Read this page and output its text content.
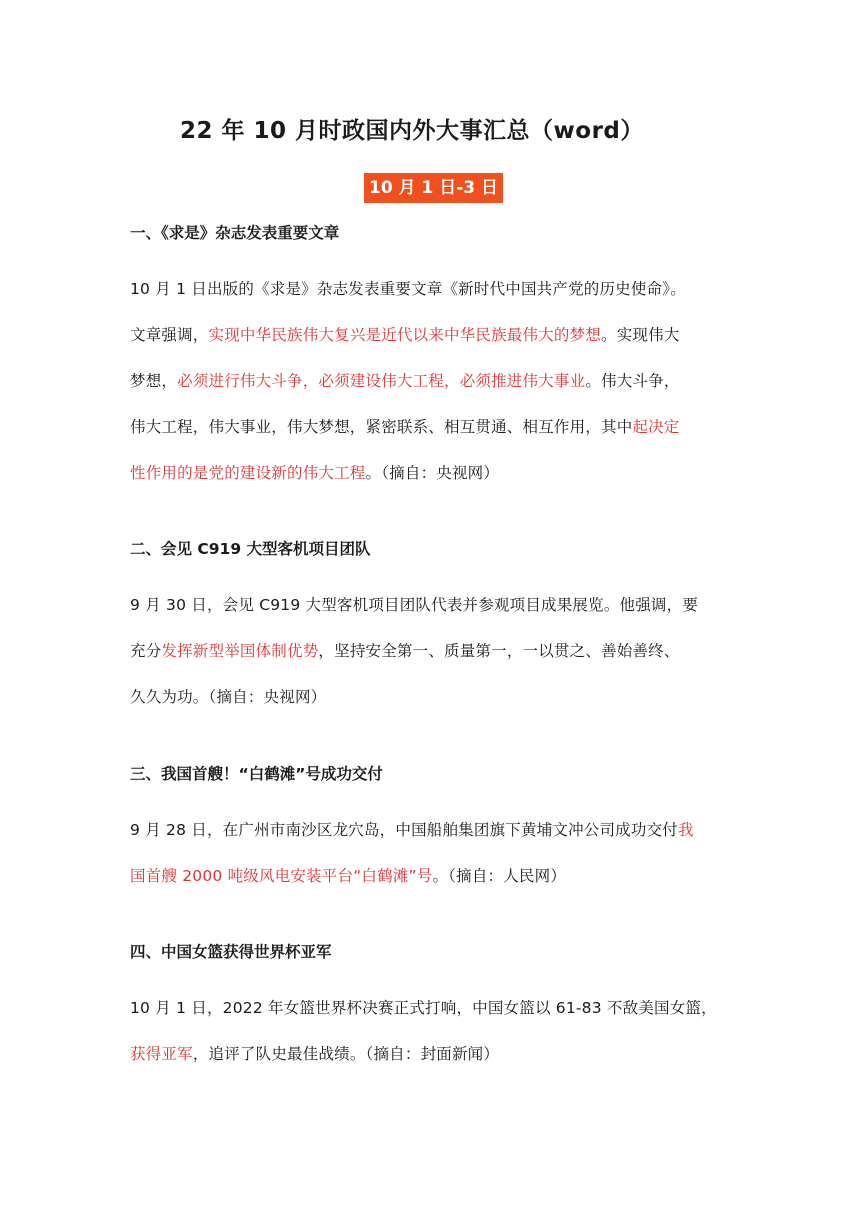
22 年 10 月时政国内外大事汇总（word）
10 月 1 日-3 日
一、《求是》杂志发表重要文章

10 月 1 日出版的《求是》杂志发表重要文章《新时代中国共产党的历史使命》。
文章强调，实现中华民族伟大复兴是近代以来中华民族最伟大的梦想。实现伟大
梦想，必须进行伟大斗争，必须建设伟大工程，必须推进伟大事业。伟大斗争，
伟大工程，伟大事业，伟大梦想，紧密联系、相互贯通、相互作用，其中起决定
性作用的是党的建设新的伟大工程。（摘自：央视网）

二、会见 C919 大型客机项目团队

9 月 30 日，会见 C919 大型客机项目团队代表并参观项目成果展览。他强调，要
充分发挥新型举国体制优势，坚持安全第一、质量第一，一以贯之、善始善终、
久久为功。（摘自：央视网）

三、我国首艘！“白鹤滩”号成功交付

9 月 28 日，在广州市南沙区龙穴岛，中国船舶集团旗下黄埔文冲公司成功交付我
国首艘 2000 吨级风电安装平台“白鹤滩”号。（摘自：人民网）

四、中国女篮获得世界杯亚军

10 月 1 日，2022 年女篮世界杯决赛正式打响，中国女篮以 61-83 不敌美国女篮，
获得亚军，追评了队史最佳战绩。（摘自：封面新闻）
